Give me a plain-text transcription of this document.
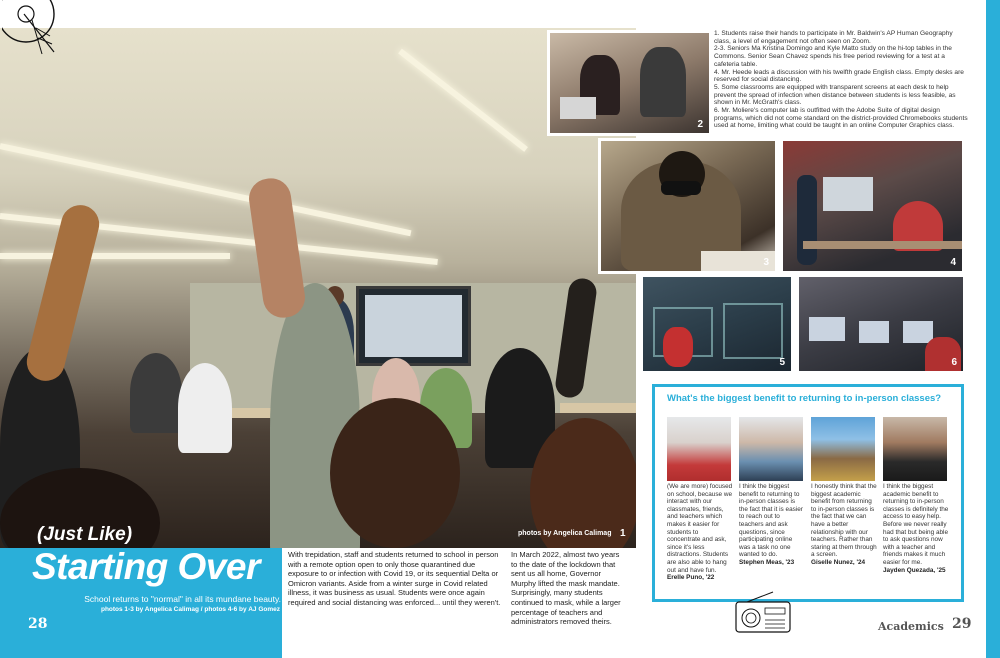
photos by Angelica Calimag 1
(Just Like)
Starting Over
School returns to "normal" in all its mundane beauty.
photos 1-3 by Angelica Calimag / photos 4-6 by AJ Gomez
28
With trepidation, staff and students returned to school in person with a remote option open to only those quarantined due exposure to or infection with Covid 19, or its sequential Delta or Omicron variants. Aside from a winter surge in Covid related illness, it was business as usual. Students were once again required and social distancing was enforced... until they weren't.
In March 2022, almost two years to the date of the lockdown that sent us all home, Governor Murphy lifted the mask mandate. Surprisingly, many students continued to mask, while a larger percentage of teachers and administrators removed theirs.
2
3	4
5	6

1. Students raise their hands to participate in Mr. Baldwin's AP Human Geography class, a level of engagement not often seen on Zoom.

2-3. Seniors Ma Kristina Domingo and Kyle Matto study on the hi-top tables in the Commons. Senior Sean Chavez spends his free period reviewing for a test at a cafeteria table.

4. Mr. Heede leads a discussion with his twelfth grade English class. Empty desks are reserved for social distancing.

5. Some classrooms are equipped with transparent screens at each desk to help prevent the spread of infection when distance between students is less feasible, as shown in Mr. McGrath's class.

6. Mr. Moliere's computer lab is outfitted with the Adobe Suite of digital design programs, which did not come standard on the district-provided Chromebooks students used at home, limiting what could be taught in an online Computer Graphics class.

What's the biggest benefit to returning to in-person classes?
(We are more) focused on school, because we interact with our classmates, friends, and teachers which makes it easier for students to concentrate and ask, since it's less distractions. Students are also able to hang out and have fun.
Erelle Puno, '22
I think the biggest benefit to returning to in-person classes is the fact that it is easier to reach out to teachers and ask questions, since participating online was a task no one wanted to do.
Stephen Meas, '23
I honestly think that the biggest academic benefit from returning to in-person classes is the fact that we can have a better relationship with our teachers. Rather than staring at them through a screen.
Giselle Nunez, '24
I think the biggest academic benefit to returning to in-person classes is definitely the access to easy help. Before we never really had that but being able to ask questions now with a teacher and friends makes it much easier for me.
Jayden Quezada, '25
Academics 29
